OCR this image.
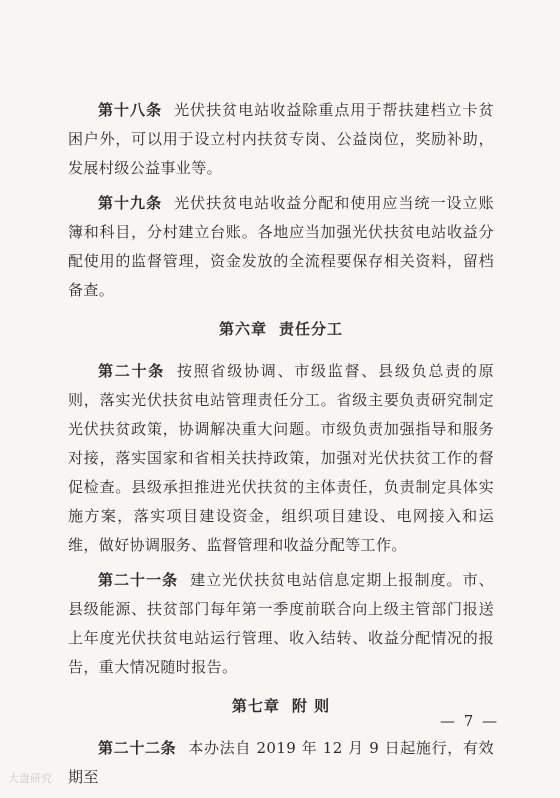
第十八条 光伏扶贫电站收益除重点用于帮扶建档立卡贫困户外，可以用于设立村内扶贫专岗、公益岗位，奖励补助，发展村级公益事业等。

第十九条 光伏扶贫电站收益分配和使用应当统一设立账簿和科目，分村建立台账。各地应当加强光伏扶贫电站收益分配使用的监督管理，资金发放的全流程要保存相关资料，留档备查。

第六章 责任分工

第二十条 按照省级协调、市级监督、县级负总责的原则，落实光伏扶贫电站管理责任分工。省级主要负责研究制定光伏扶贫政策，协调解决重大问题。市级负责加强指导和服务对接，落实国家和省相关扶持政策，加强对光伏扶贫工作的督促检查。县级承担推进光伏扶贫的主体责任，负责制定具体实施方案，落实项目建设资金，组织项目建设、电网接入和运维，做好协调服务、监督管理和收益分配等工作。

第二十一条 建立光伏扶贫电站信息定期上报制度。市、县级能源、扶贫部门每年第一季度前联合向上级主管部门报送上年度光伏扶贫电站运行管理、收入结转、收益分配情况的报告，重大情况随时报告。

第七章 附 则

第二十二条 本办法自 2019 年 12 月 9 日起施行，有效期至

— 7 —
大盘研究
